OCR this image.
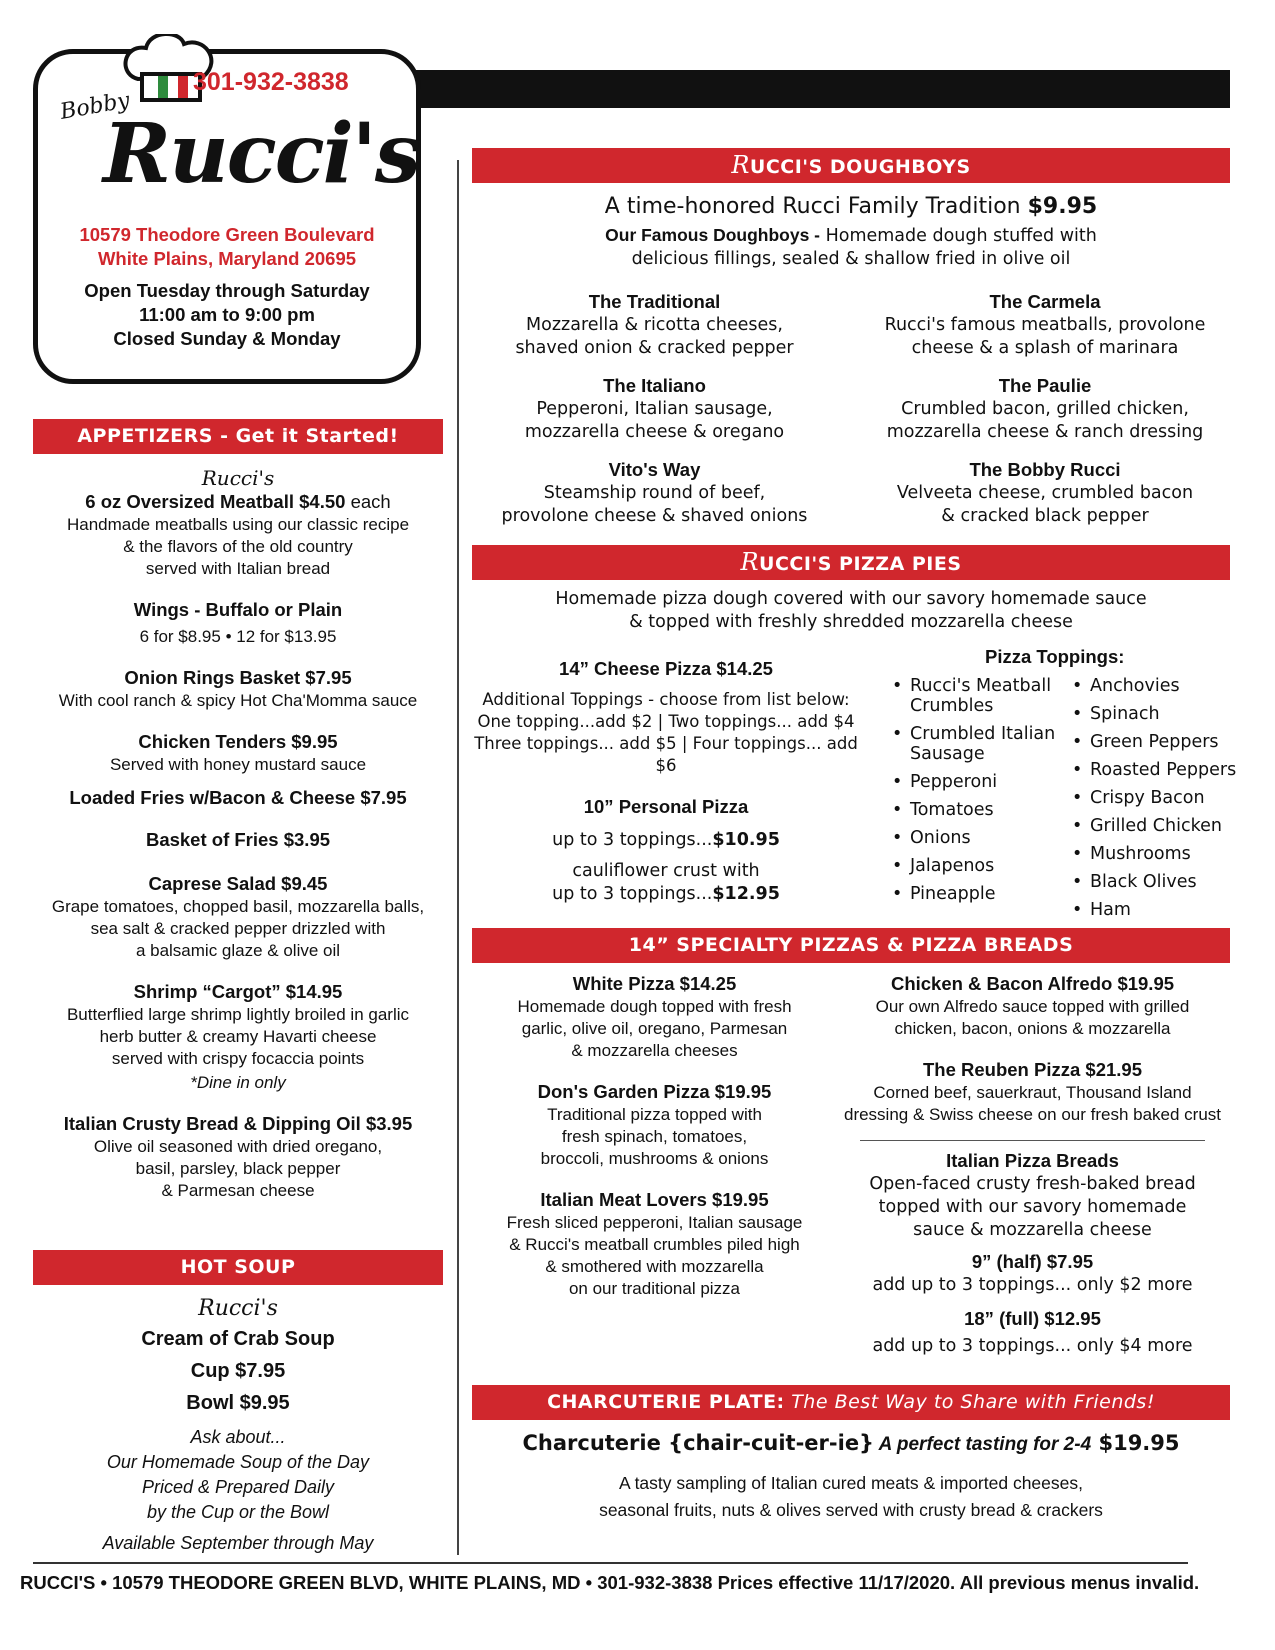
Bobby
Rucci's
301-932-3838
10579 Theodore Green Boulevard
White Plains, Maryland 20695
Open Tuesday through Saturday
11:00 am to 9:00 pm
Closed Sunday & Monday
APPETIZERS - Get it Started!
Rucci's
6 oz Oversized Meatball $4.50 each
Handmade meatballs using our classic recipe
& the flavors of the old country
served with Italian bread
Wings - Buffalo or Plain
6 for $8.95 • 12 for $13.95
Onion Rings Basket $7.95
With cool ranch & spicy Hot Cha'Momma sauce
Chicken Tenders $9.95
Served with honey mustard sauce
Loaded Fries w/Bacon & Cheese $7.95
Basket of Fries $3.95
Caprese Salad $9.45
Grape tomatoes, chopped basil, mozzarella balls,
sea salt & cracked pepper drizzled with
a balsamic glaze & olive oil
Shrimp “Cargot” $14.95
Butterflied large shrimp lightly broiled in garlic
herb butter & creamy Havarti cheese
served with crispy focaccia points
*Dine in only
Italian Crusty Bread & Dipping Oil $3.95
Olive oil seasoned with dried oregano,
basil, parsley, black pepper
& Parmesan cheese
HOT SOUP
Rucci's
Cream of Crab Soup
Cup $7.95
Bowl $9.95
Ask about...
Our Homemade Soup of the Day
Priced & Prepared Daily
by the Cup or the Bowl
Available September through May
RUCCI'S DOUGHBOYS
A time-honored Rucci Family Tradition $9.95
Our Famous Doughboys - Homemade dough stuffed with
delicious fillings, sealed & shallow fried in olive oil
The Traditional
Mozzarella & ricotta cheeses,
shaved onion & cracked pepper
The Carmela
Rucci's famous meatballs, provolone
cheese & a splash of marinara
The Italiano
Pepperoni, Italian sausage,
mozzarella cheese & oregano
The Paulie
Crumbled bacon, grilled chicken,
mozzarella cheese & ranch dressing
Vito's Way
Steamship round of beef,
provolone cheese & shaved onions
The Bobby Rucci
Velveeta cheese, crumbled bacon
& cracked black pepper
RUCCI'S PIZZA PIES
Homemade pizza dough covered with our savory homemade sauce
& topped with freshly shredded mozzarella cheese
14” Cheese Pizza $14.25
Additional Toppings - choose from list below:
One topping...add $2 | Two toppings... add $4
Three toppings... add $5 | Four toppings... add $6
10” Personal Pizza
up to 3 toppings...$10.95
cauliflower crust with
up to 3 toppings...$12.95
Pizza Toppings:
• Rucci's Meatball Crumbles
• Crumbled Italian Sausage
• Pepperoni
• Tomatoes
• Onions
• Jalapenos
• Pineapple
• Anchovies
• Spinach
• Green Peppers
• Roasted Peppers
• Crispy Bacon
• Grilled Chicken
• Mushrooms
• Black Olives
• Ham
14” SPECIALTY PIZZAS & PIZZA BREADS
White Pizza $14.25
Homemade dough topped with fresh
garlic, olive oil, oregano, Parmesan
& mozzarella cheeses
Don's Garden Pizza $19.95
Traditional pizza topped with
fresh spinach, tomatoes,
broccoli, mushrooms & onions
Italian Meat Lovers $19.95
Fresh sliced pepperoni, Italian sausage
& Rucci's meatball crumbles piled high
& smothered with mozzarella
on our traditional pizza
Chicken & Bacon Alfredo $19.95
Our own Alfredo sauce topped with grilled
chicken, bacon, onions & mozzarella
The Reuben Pizza $21.95
Corned beef, sauerkraut, Thousand Island
dressing & Swiss cheese on our fresh baked crust
Italian Pizza Breads
Open-faced crusty fresh-baked bread
topped with our savory homemade
sauce & mozzarella cheese
9” (half) $7.95
add up to 3 toppings... only $2 more
18” (full) $12.95
add up to 3 toppings... only $4 more
CHARCUTERIE PLATE: The Best Way to Share with Friends!
Charcuterie {chair-cuit-er-ie} A perfect tasting for 2-4 $19.95
A tasty sampling of Italian cured meats & imported cheeses,
seasonal fruits, nuts & olives served with crusty bread & crackers
RUCCI'S • 10579 THEODORE GREEN BLVD, WHITE PLAINS, MD • 301-932-3838 Prices effective 11/17/2020. All previous menus invalid.
